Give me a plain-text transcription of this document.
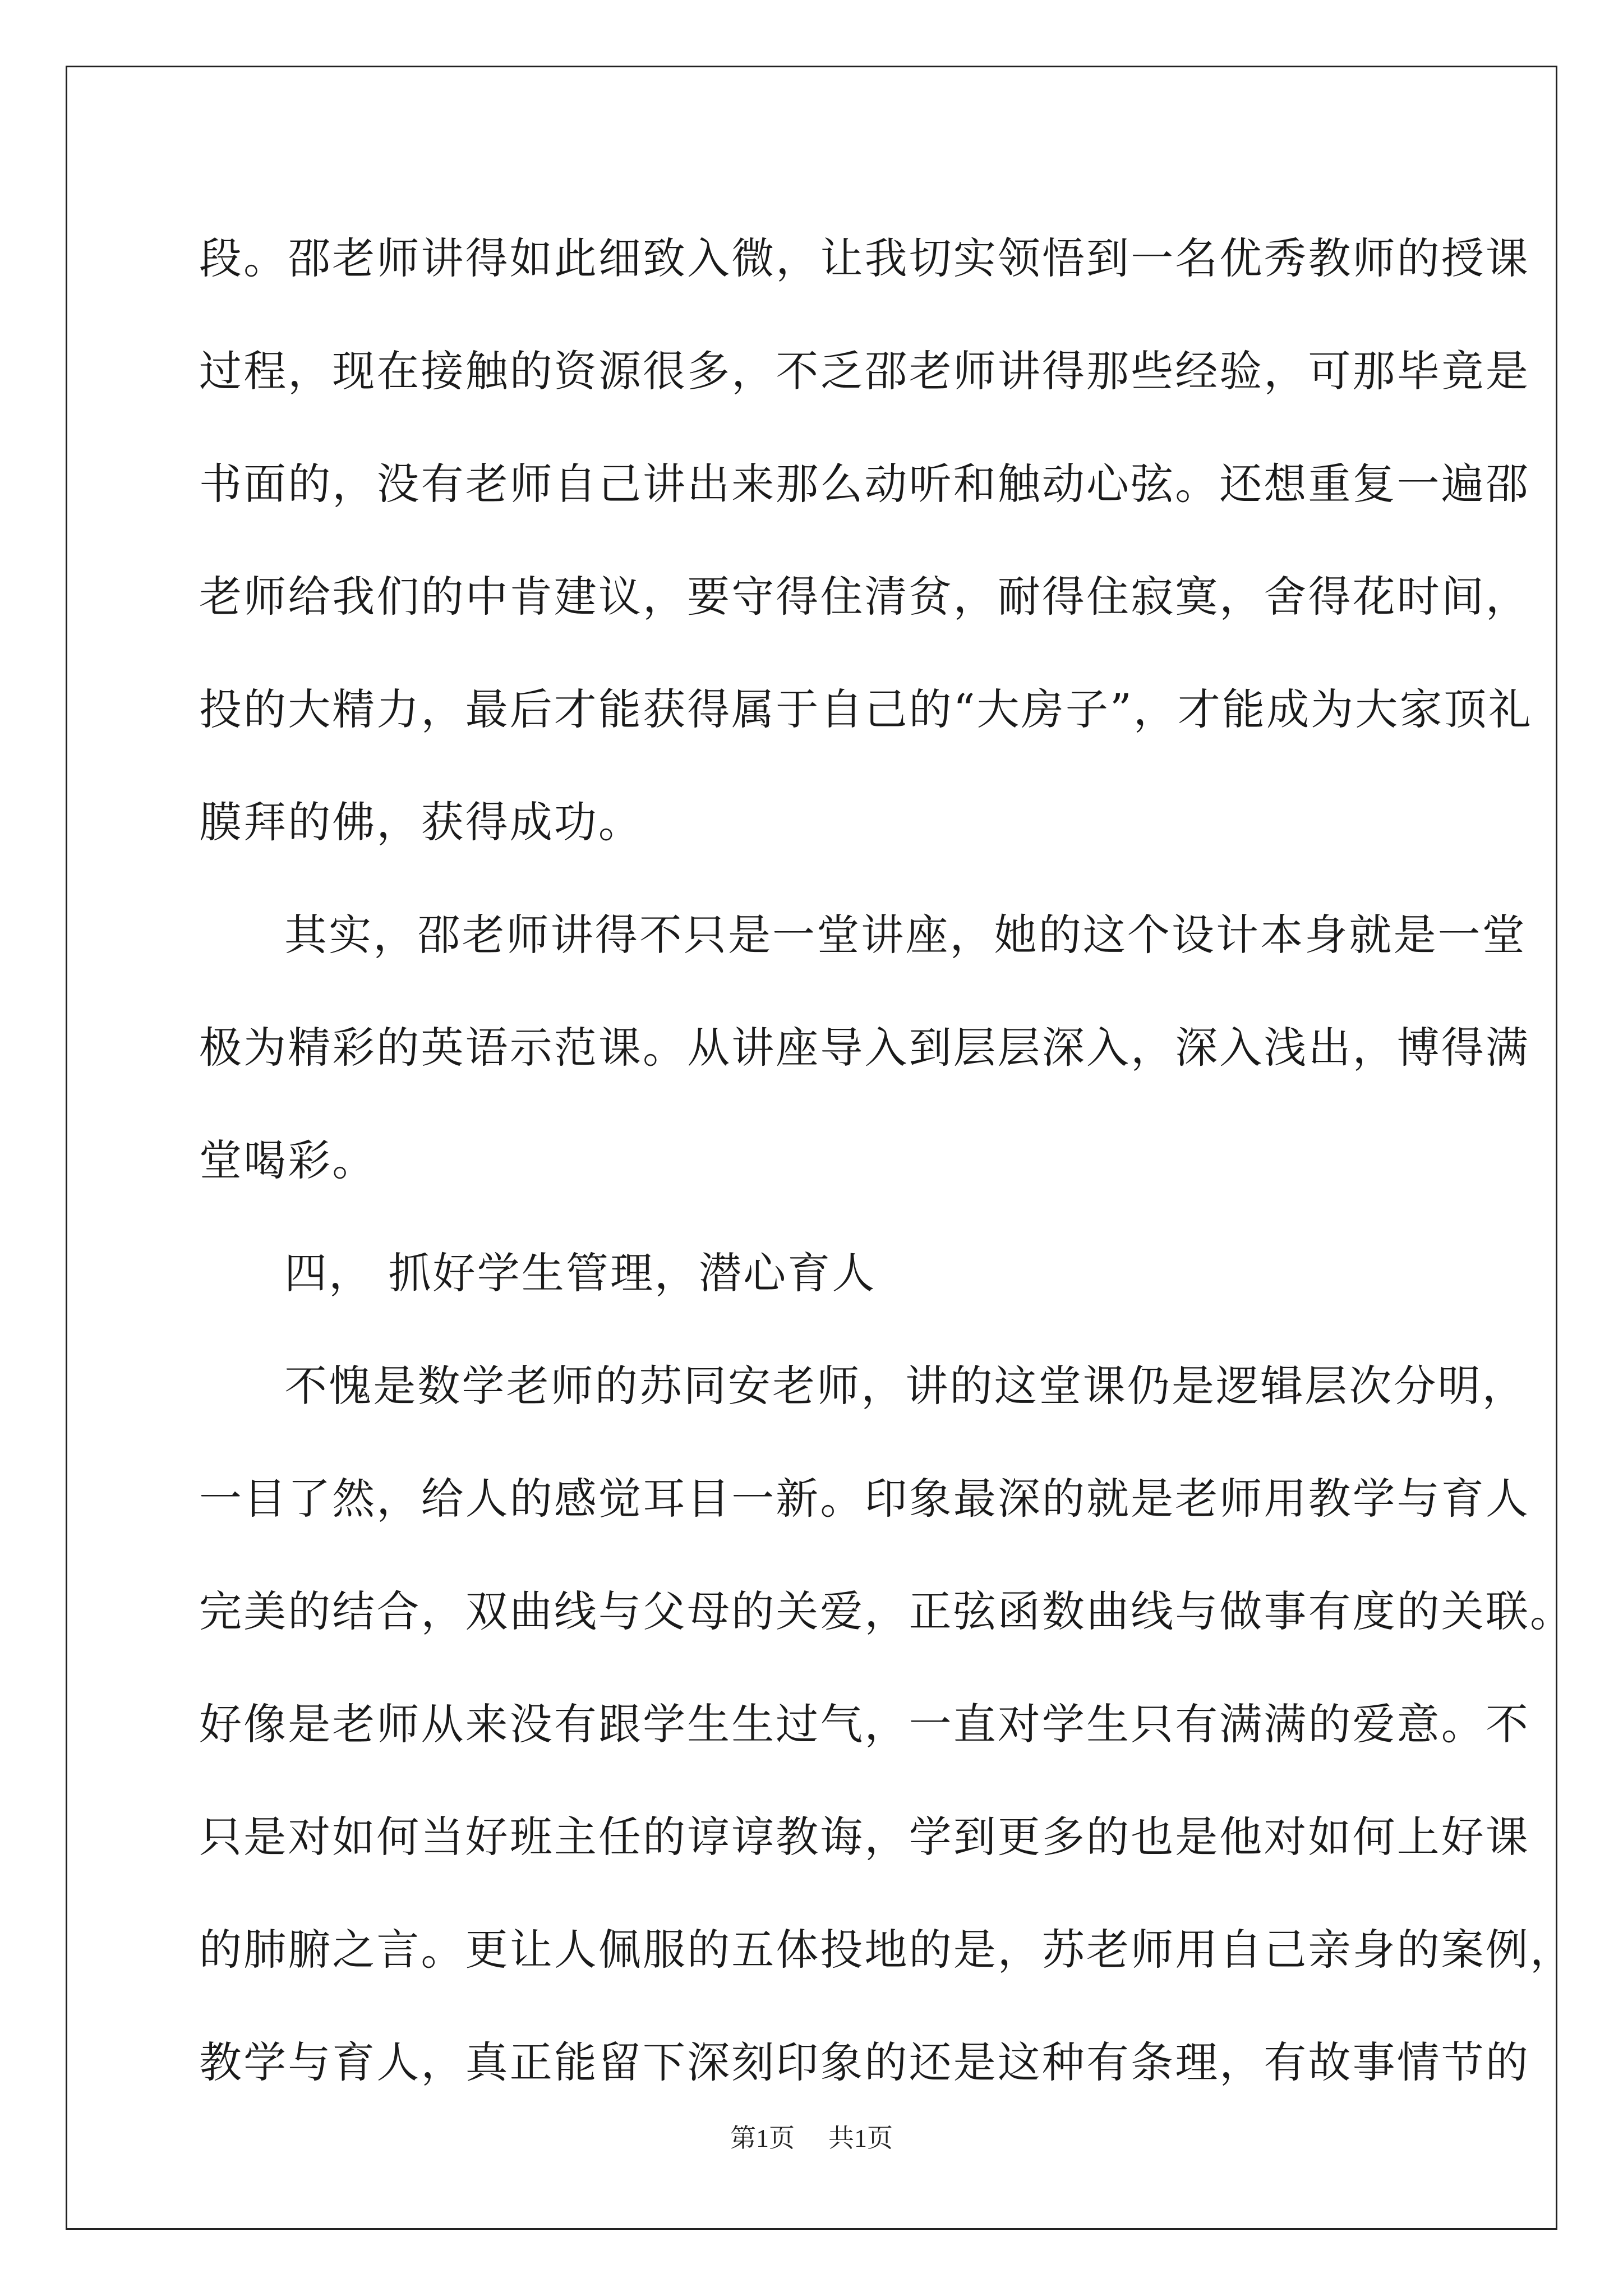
段。邵老师讲得如此细致入微，让我切实领悟到一名优秀教师的授课
过程，现在接触的资源很多，不乏邵老师讲得那些经验，可那毕竟是
书面的，没有老师自己讲出来那么动听和触动心弦。还想重复一遍邵
老师给我们的中肯建议，要守得住清贫，耐得住寂寞，舍得花时间，
投的大精力，最后才能获得属于自己的“大房子”，才能成为大家顶礼
膜拜的佛，获得成功。
其实，邵老师讲得不只是一堂讲座，她的这个设计本身就是一堂
极为精彩的英语示范课。从讲座导入到层层深入，深入浅出，博得满
堂喝彩。
四， 抓好学生管理，潜心育人
不愧是数学老师的苏同安老师，讲的这堂课仍是逻辑层次分明，
一目了然，给人的感觉耳目一新。印象最深的就是老师用教学与育人
完美的结合，双曲线与父母的关爱，正弦函数曲线与做事有度的关联。
好像是老师从来没有跟学生生过气，一直对学生只有满满的爱意。不
只是对如何当好班主任的谆谆教诲，学到更多的也是他对如何上好课
的肺腑之言。更让人佩服的五体投地的是，苏老师用自己亲身的案例，
教学与育人，真正能留下深刻印象的还是这种有条理，有故事情节的
第1页 共1页
